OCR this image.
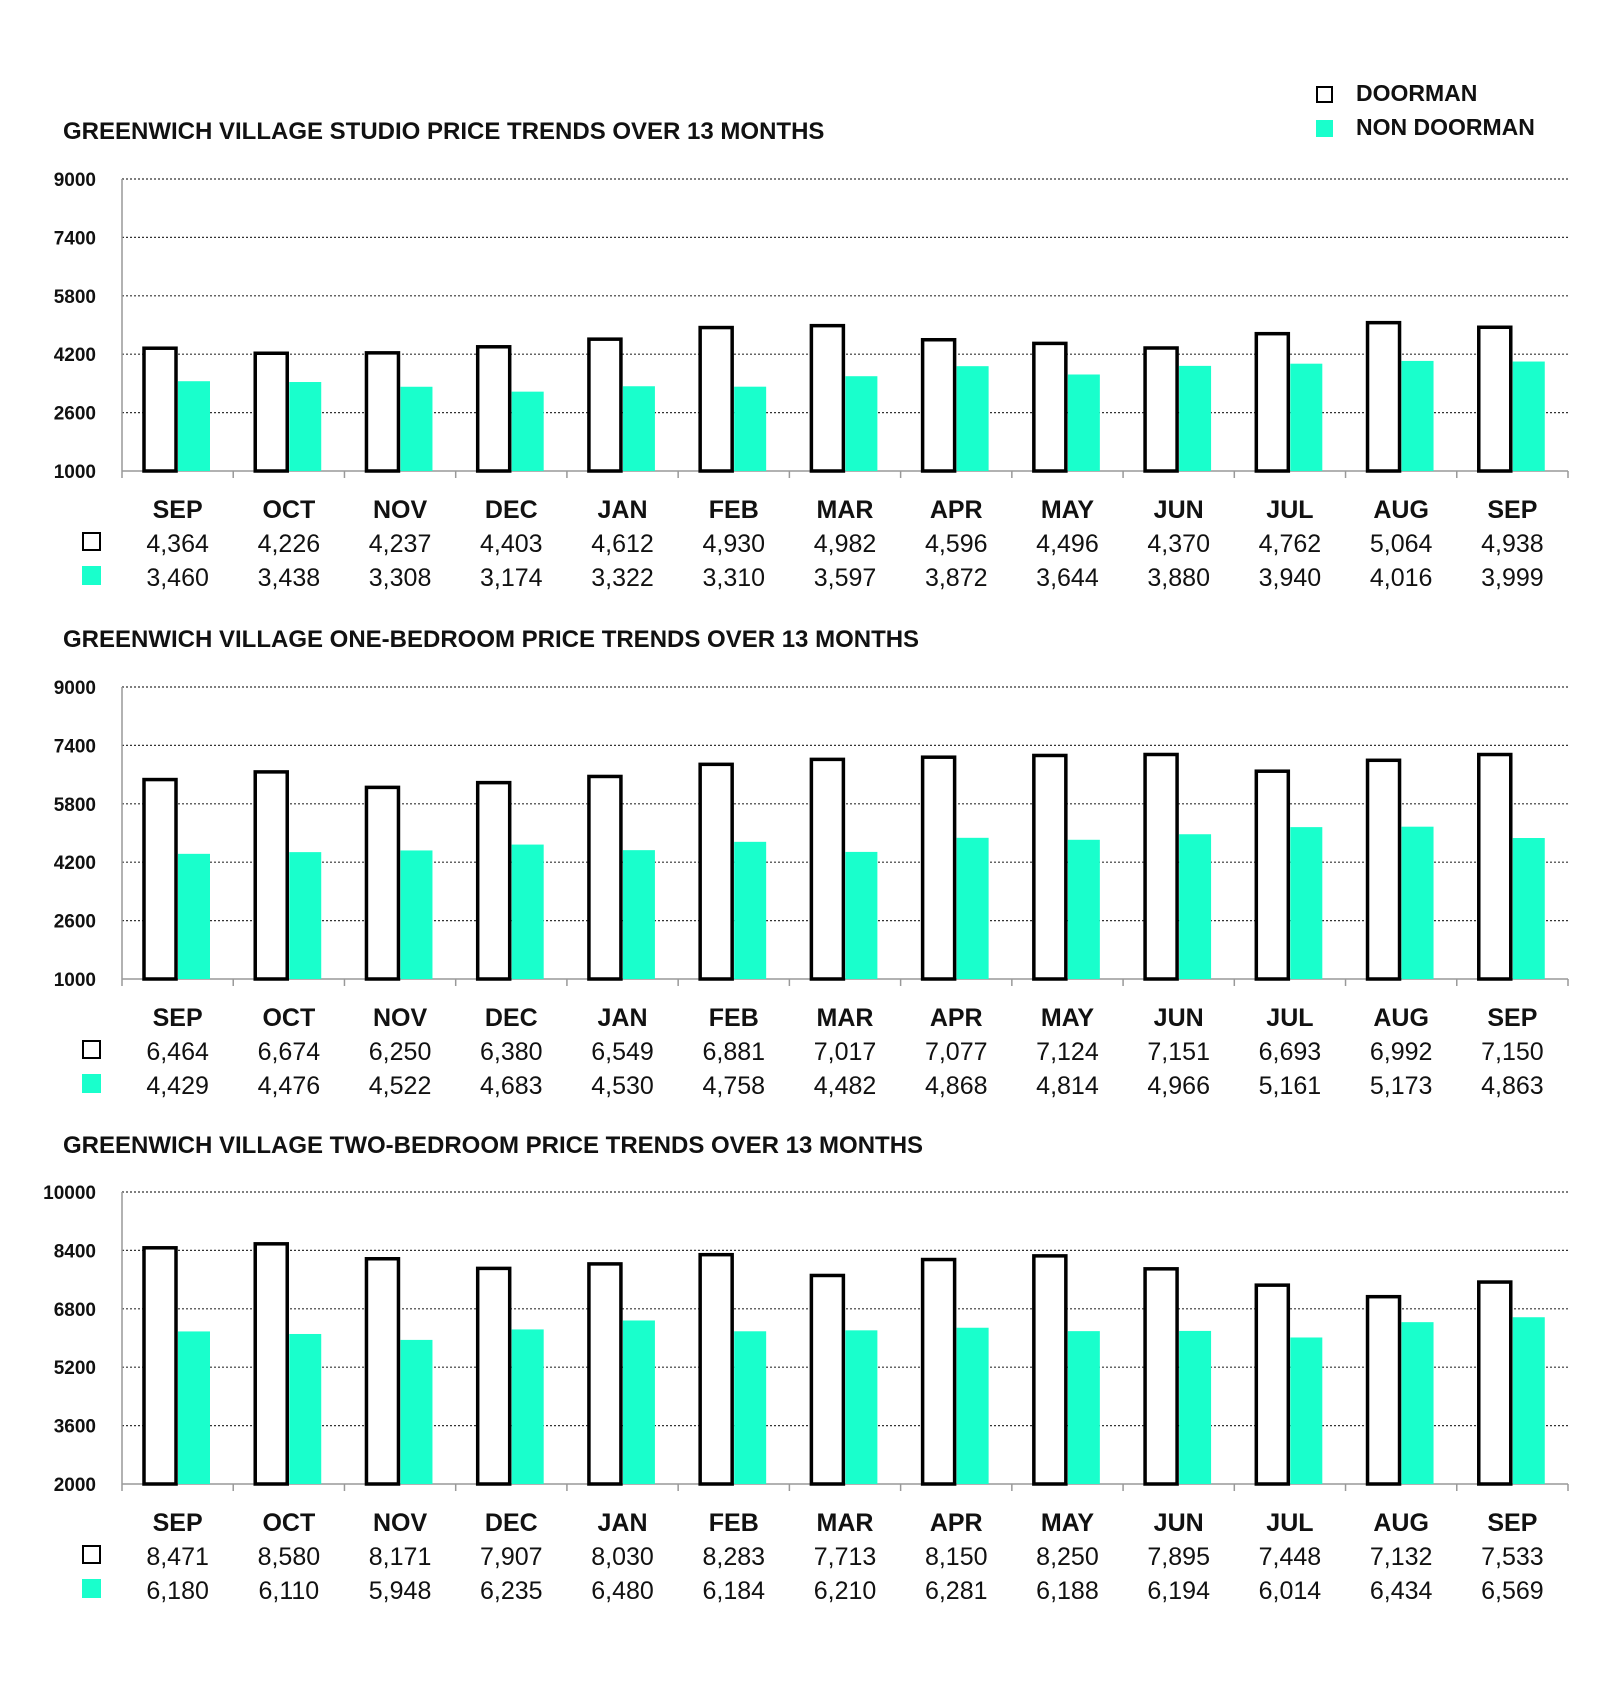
DOORMAN
NON DOORMAN
GREENWICH VILLAGE STUDIO PRICE TRENDS OVER 13 MONTHS
1000
2600
4200
5800
7400
9000
SEP
4,364
3,460
OCT
4,226
3,438
NOV
4,237
3,308
DEC
4,403
3,174
JAN
4,612
3,322
FEB
4,930
3,310
MAR
4,982
3,597
APR
4,596
3,872
MAY
4,496
3,644
JUN
4,370
3,880
JUL
4,762
3,940
AUG
5,064
4,016
SEP
4,938
3,999
GREENWICH VILLAGE ONE-BEDROOM PRICE TRENDS OVER 13 MONTHS
1000
2600
4200
5800
7400
9000
SEP
6,464
4,429
OCT
6,674
4,476
NOV
6,250
4,522
DEC
6,380
4,683
JAN
6,549
4,530
FEB
6,881
4,758
MAR
7,017
4,482
APR
7,077
4,868
MAY
7,124
4,814
JUN
7,151
4,966
JUL
6,693
5,161
AUG
6,992
5,173
SEP
7,150
4,863
GREENWICH VILLAGE TWO-BEDROOM PRICE TRENDS OVER 13 MONTHS
2000
3600
5200
6800
8400
10000
SEP
8,471
6,180
OCT
8,580
6,110
NOV
8,171
5,948
DEC
7,907
6,235
JAN
8,030
6,480
FEB
8,283
6,184
MAR
7,713
6,210
APR
8,150
6,281
MAY
8,250
6,188
JUN
7,895
6,194
JUL
7,448
6,014
AUG
7,132
6,434
SEP
7,533
6,569
